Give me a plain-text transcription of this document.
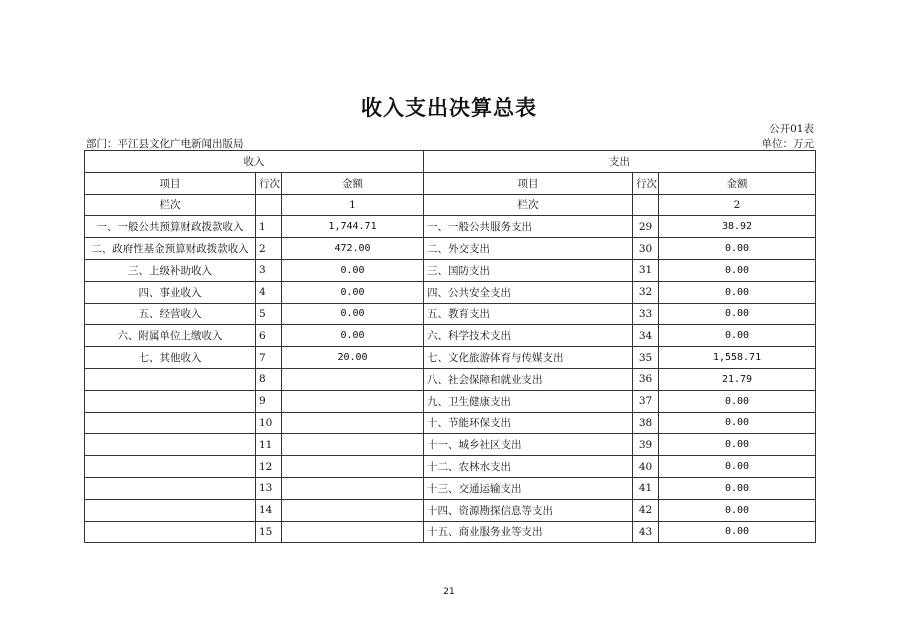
收入支出决算总表
公开01表
部门：平江县文化广电新闻出版局	单位：万元
收入			支出		
项目	行次	金额	项目	行次	金额
栏次		1	栏次		2
一、一般公共预算财政拨款收入	1	1,744.71	一、一般公共服务支出	29	38.92
二、政府性基金预算财政拨款收入	2	472.00	二、外交支出	30	0.00
三、上级补助收入	3	0.00	三、国防支出	31	0.00
四、事业收入	4	0.00	四、公共安全支出	32	0.00
五、经营收入	5	0.00	五、教育支出	33	0.00
六、附属单位上缴收入	6	0.00	六、科学技术支出	34	0.00
七、其他收入	7	20.00	七、文化旅游体育与传媒支出	35	1,558.71
	8		八、社会保障和就业支出	36	21.79
	9		九、卫生健康支出	37	0.00
	10		十、节能环保支出	38	0.00
	11		十一、城乡社区支出	39	0.00
	12		十二、农林水支出	40	0.00
	13		十三、交通运输支出	41	0.00
	14		十四、资源勘探信息等支出	42	0.00
	15		十五、商业服务业等支出	43	0.00
21
